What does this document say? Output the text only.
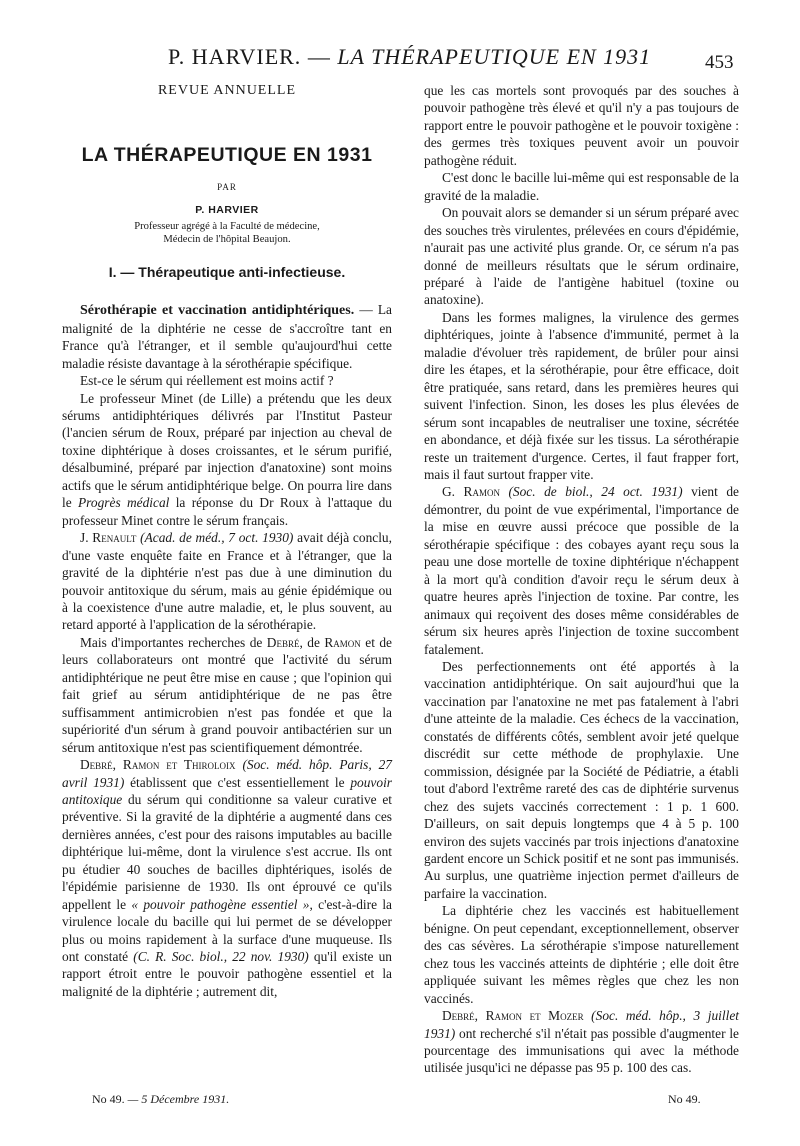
P. HARVIER. — LA THÉRAPEUTIQUE EN 1931	453
REVUE ANNUELLE
LA THÉRAPEUTIQUE EN 1931
PAR
P. HARVIER
Professeur agrégé à la Faculté de médecine,
Médecin de l'hôpital Beaujon.
I. — Thérapeutique anti-infectieuse.

Sérothérapie et vaccination antidiphtériques. — La malignité de la diphtérie ne cesse de s'accroître tant en France qu'à l'étranger, et il semble qu'aujourd'hui cette maladie résiste davantage à la sérothérapie spécifique.

Est-ce le sérum qui réellement est moins actif ?

Le professeur Minet (de Lille) a prétendu que les deux sérums antidiphtériques délivrés par l'Institut Pasteur (l'ancien sérum de Roux, préparé par injection au cheval de toxine diphtérique à doses croissantes, et le sérum purifié, désalbuminé, préparé par injection d'anatoxine) sont moins actifs que le sérum antidiphtérique belge. On pourra lire dans le Progrès médical la réponse du Dr Roux à l'attaque du professeur Minet contre le sérum français.

J. Renault (Acad. de méd., 7 oct. 1930) avait déjà conclu, d'une vaste enquête faite en France et à l'étranger, que la gravité de la diphtérie n'est pas due à une diminution du pouvoir antitoxique du sérum, mais au génie épidémique ou à la coexistence d'une autre maladie, et, le plus souvent, au retard apporté à l'application de la sérothérapie.

Mais d'importantes recherches de Debré, de Ramon et de leurs collaborateurs ont montré que l'activité du sérum antidiphtérique ne peut être mise en cause ; que l'opinion qui fait grief au sérum antidiphtérique de ne pas être suffisamment antimicrobien n'est pas fondée et que la supériorité d'un sérum à grand pouvoir antibactérien sur un sérum antitoxique n'est pas scientifiquement démontrée.

Debré, Ramon et Thiroloix (Soc. méd. hôp. Paris, 27 avril 1931) établissent que c'est essentiellement le pouvoir antitoxique du sérum qui conditionne sa valeur curative et préventive. Si la gravité de la diphtérie a augmenté dans ces dernières années, c'est pour des raisons imputables au bacille diphtérique lui-même, dont la virulence s'est accrue. Ils ont pu étudier 40 souches de bacilles diphtériques, isolés de l'épidémie parisienne de 1930. Ils ont éprouvé ce qu'ils appellent le « pouvoir pathogène essentiel », c'est-à-dire la virulence locale du bacille qui lui permet de se développer plus ou moins rapidement à la surface d'une muqueuse. Ils ont constaté (C. R. Soc. biol., 22 nov. 1930) qu'il existe un rapport étroit entre le pouvoir pathogène essentiel et la malignité de la diphtérie ; autrement dit,

que les cas mortels sont provoqués par des souches à pouvoir pathogène très élevé et qu'il n'y a pas toujours de rapport entre le pouvoir pathogène et le pouvoir toxigène : des germes très toxiques peuvent avoir un pouvoir pathogène réduit.

C'est donc le bacille lui-même qui est responsable de la gravité de la maladie.

On pouvait alors se demander si un sérum préparé avec des souches très virulentes, prélevées en cours d'épidémie, n'aurait pas une activité plus grande. Or, ce sérum n'a pas donné de meilleurs résultats que le sérum ordinaire, préparé à l'aide de l'antigène habituel (toxine ou anatoxine).

Dans les formes malignes, la virulence des germes diphtériques, jointe à l'absence d'immunité, permet à la maladie d'évoluer très rapidement, de brûler pour ainsi dire les étapes, et la sérothérapie, pour être efficace, doit être pratiquée, sans retard, dans les premières heures qui suivent l'infection. Sinon, les doses les plus élevées de sérum sont incapables de neutraliser une toxine, sécrétée en abondance, et déjà fixée sur les tissus. La sérothérapie reste un traitement d'urgence. Certes, il faut frapper fort, mais il faut surtout frapper vite.

G. Ramon (Soc. de biol., 24 oct. 1931) vient de démontrer, du point de vue expérimental, l'importance de la mise en œuvre aussi précoce que possible de la sérothérapie spécifique : des cobayes ayant reçu sous la peau une dose mortelle de toxine diphtérique n'échappent à la mort qu'à condition d'avoir reçu le sérum deux à quatre heures après l'injection de toxine. Par contre, les animaux qui reçoivent des doses même considérables de sérum six heures après l'injection de toxine succombent fatalement.

Des perfectionnements ont été apportés à la vaccination antidiphtérique. On sait aujourd'hui que la vaccination par l'anatoxine ne met pas fatalement à l'abri d'une atteinte de la maladie. Ces échecs de la vaccination, constatés de différents côtés, semblent avoir jeté quelque discrédit sur cette méthode de prophylaxie. Une commission, désignée par la Société de Pédiatrie, a établi tout d'abord l'extrême rareté des cas de diphtérie survenus chez des sujets vaccinés correctement : 1 p. 1 600. D'ailleurs, on sait depuis longtemps que 4 à 5 p. 100 environ des sujets vaccinés par trois injections d'anatoxine gardent encore un Schick positif et ne sont pas immunisés. Au surplus, une quatrième injection permet d'ailleurs de parfaire la vaccination.

La diphtérie chez les vaccinés est habituellement bénigne. On peut cependant, exceptionnellement, observer des cas sévères. La sérothérapie s'impose naturellement chez tous les vaccinés atteints de diphtérie ; elle doit être appliquée suivant les mêmes règles que chez les non vaccinés.

Debré, Ramon et Mozer (Soc. méd. hôp., 3 juillet 1931) ont recherché s'il n'était pas possible d'augmenter le pourcentage des immunisations qui avec la méthode utilisée jusqu'ici ne dépasse pas 95 p. 100 des cas.

No 49. — 5 Décembre 1931.	No 49.
